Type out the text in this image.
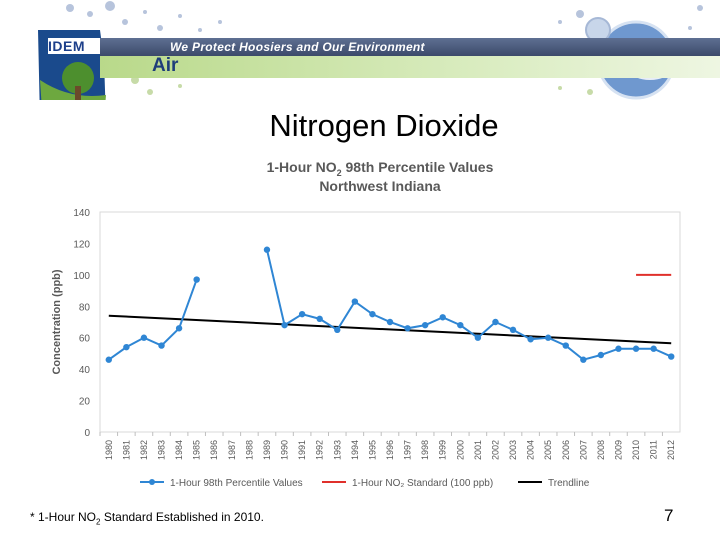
IDEM	We Protect Hoosiers and Our Environment
Air
Nitrogen Dioxide
1-Hour $NO_2$ 98th Percentile Values
Northwest Indiana
0
20
40
60
80
100
120
140
Concentration (ppb)
1980 1981 1982 1983 1984 1985 1986 1987 1988 1989 1990 1991 1992 1993 1994 1995 1996 1997 1998 1999 2000 2001 2002 2003 2004 2005 2006 2007 2008 2009 2010 2011 2012
1-Hour 98th Percentile Values	1-Hour NO₂ Standard (100 ppb)	Trendline
* 1-Hour $NO_2$ Standard Established in 2010.	7
